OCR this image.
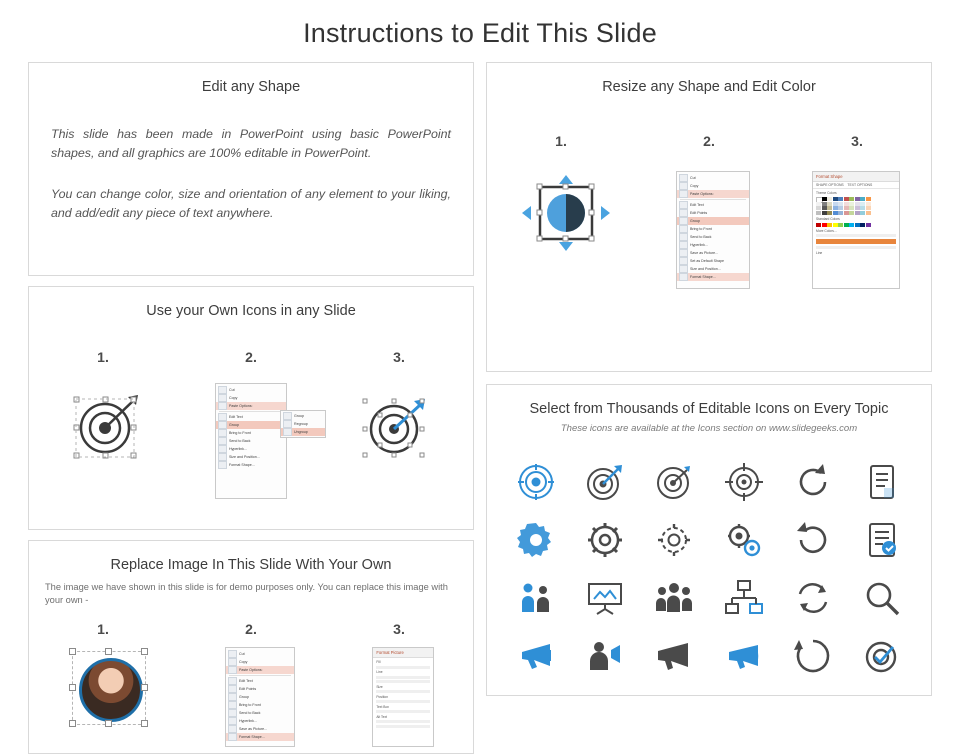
Instructions to Edit This Slide
Edit any Shape
This slide has been made in PowerPoint using basic PowerPoint shapes, and all graphics are 100% editable in PowerPoint.
You can change color, size and orientation of any element to your liking, and add/edit any piece of text anywhere.
Resize any Shape and Edit Color
1.	2.	3.
Cut
Copy
Paste Options:
Edit Text
Edit Points
Group
Bring to Front
Send to Back
Hyperlink...
Save as Picture...
Set as Default Shape
Size and Position...
Format Shape...
Format Shape
SHAPE OPTIONS TEXT OPTIONS
Theme Colors
Standard Colors
More Colors...
Line
Use your Own Icons in any Slide
1.	2.	3.
Cut
Copy
Paste Options:
Edit Text
Group
Bring to Front
Send to Back
Hyperlink...
Size and Position...
Format Shape...
Group
Regroup
Ungroup
Select from Thousands of Editable Icons on Every Topic
These icons are available at the Icons section on www.slidegeeks.com
Replace Image In This Slide With Your Own
The image we have shown in this slide is for demo purposes only. You can replace this image with your own -
1.	2.	3.
Cut
Copy
Paste Options:
Edit Text
Edit Points
Group
Bring to Front
Send to Back
Hyperlink...
Save as Picture...
Format Shape...
Format Picture
Fill
Line
Size
Position
Text Box
Alt Text
